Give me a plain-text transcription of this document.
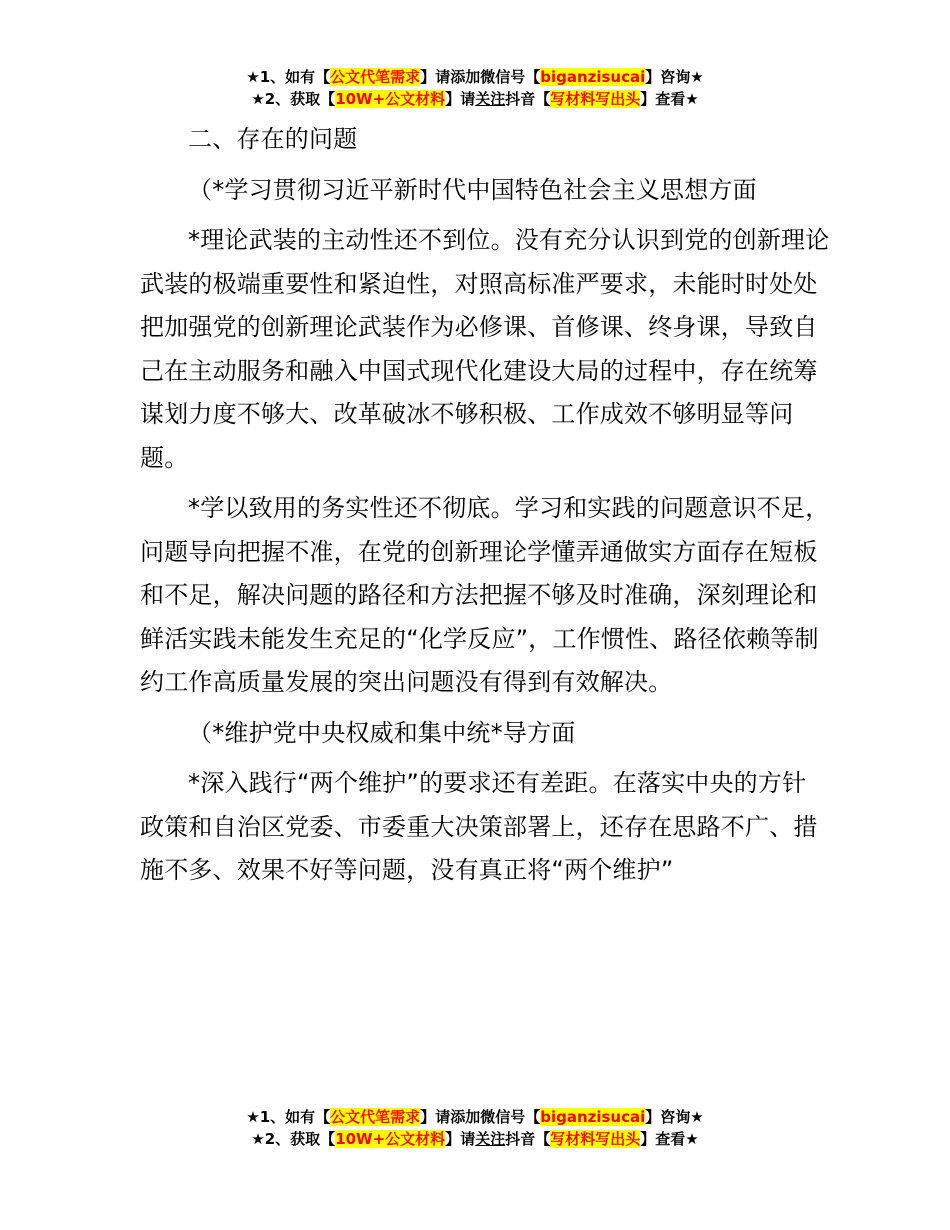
★1、如有【公文代笔需求】请添加微信号【biganzisucai】咨询★
★2、获取【10W+公文材料】请关注抖音【写材料写出头】查看★

二、存在的问题

（*学习贯彻习近平新时代中国特色社会主义思想方面

*理论武装的主动性还不到位。没有充分认识到党的创新理论武装的极端重要性和紧迫性，对照高标准严要求，未能时时处处把加强党的创新理论武装作为必修课、首修课、终身课，导致自己在主动服务和融入中国式现代化建设大局的过程中，存在统筹谋划力度不够大、改革破冰不够积极、工作成效不够明显等问题。

*学以致用的务实性还不彻底。学习和实践的问题意识不足，问题导向把握不准，在党的创新理论学懂弄通做实方面存在短板和不足，解决问题的路径和方法把握不够及时准确，深刻理论和鲜活实践未能发生充足的“化学反应”，工作惯性、路径依赖等制约工作高质量发展的突出问题没有得到有效解决。

（*维护党中央权威和集中统*导方面

*深入践行“两个维护”的要求还有差距。在落实中央的方针政策和自治区党委、市委重大决策部署上，还存在思路不广、措施不多、效果不好等问题，没有真正将“两个维护”

★1、如有【公文代笔需求】请添加微信号【biganzisucai】咨询★
★2、获取【10W+公文材料】请关注抖音【写材料写出头】查看★
